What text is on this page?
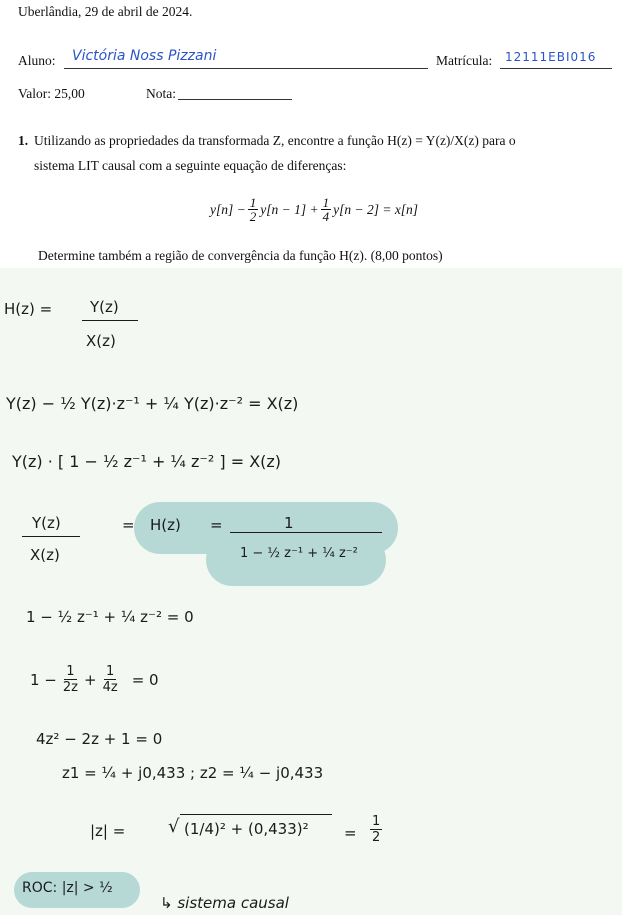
Uberlândia, 29 de abril de 2024.
Aluno: Victória Noss Pizzani	Matrícula: 12111EBI016
Valor: 25,00	Nota:
1. Utilizando as propriedades da transformada Z, encontre a função H(z) = Y(z)/X(z) para o
sistema LIT causal com a seguinte equação de diferenças:
$y[n] - \frac{1}{2} y[n - 1] + \frac{1}{4} y[n - 2] = x[n]$
Determine também a região de convergência da função H(z). (8,00 pontos)
H(z) =	Y(z)
X(z)
Y(z) − ½ Y(z)·z⁻¹ + ¼ Y(z)·z⁻² = X(z)
Y(z) · [ 1 − ½ z⁻¹ + ¼ z⁻² ] = X(z)
Y(z)
X(z)
= H(z) =	1
1 − ½ z⁻¹ + ¼ z⁻²
1 − ½ z⁻¹ + ¼ z⁻² = 0
$1 - \frac{1}{2z} + \frac{1}{4z} = 0$
4z² − 2z + 1 = 0
z1 = ¼ + j0,433 ; z2 = ¼ − j0,433
|z| = √ (1/4)² + (0,433)² =
1
2
ROC: |z| > ½
↳ sistema causal
